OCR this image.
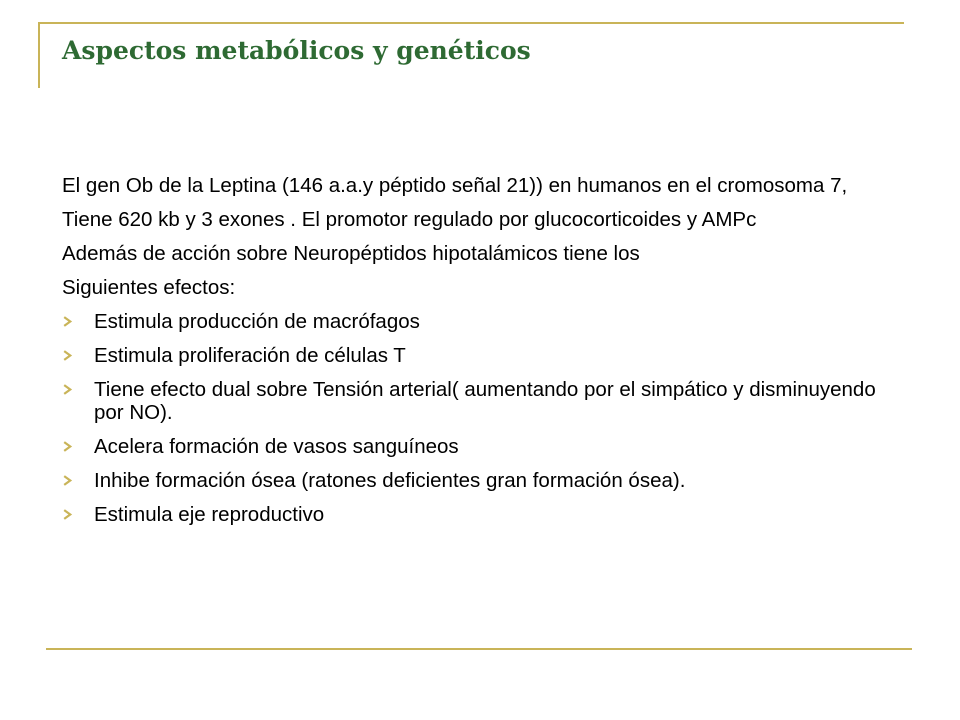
Aspectos metabólicos y genéticos

El gen Ob de la Leptina (146 a.a.y péptido señal 21)) en humanos en el cromosoma 7,

Tiene 620 kb y 3 exones . El promotor regulado por glucocorticoides y AMPc

Además de acción sobre Neuropéptidos hipotalámicos tiene los

Siguientes efectos:

Estimula producción de macrófagos
Estimula proliferación de células T
Tiene efecto dual sobre Tensión arterial( aumentando por el simpático y disminuyendo por NO).
Acelera formación de vasos sanguíneos
Inhibe formación ósea (ratones deficientes gran formación ósea).
Estimula eje reproductivo
